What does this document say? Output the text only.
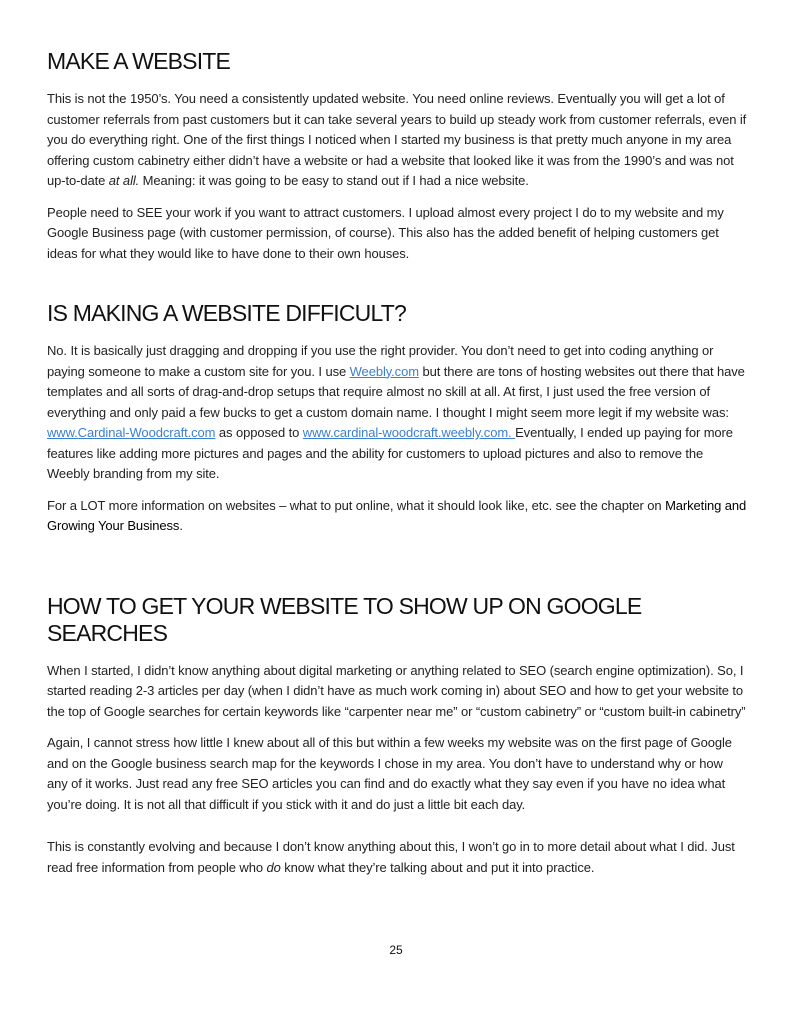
MAKE A WEBSITE

This is not the 1950’s. You need a consistently updated website. You need online reviews. Eventually you will get a lot of customer referrals from past customers but it can take several years to build up steady work from customer referrals, even if you do everything right. One of the first things I noticed when I started my business is that pretty much anyone in my area offering custom cabinetry either didn’t have a website or had a website that looked like it was from the 1990’s and was not up-to-date at all. Meaning: it was going to be easy to stand out if I had a nice website.

People need to SEE your work if you want to attract customers. I upload almost every project I do to my website and my Google Business page (with customer permission, of course). This also has the added benefit of helping customers get ideas for what they would like to have done to their own houses.

IS MAKING A WEBSITE DIFFICULT?

No. It is basically just dragging and dropping if you use the right provider. You don’t need to get into coding anything or paying someone to make a custom site for you. I use Weebly.com but there are tons of hosting websites out there that have templates and all sorts of drag-and-drop setups that require almost no skill at all. At first, I just used the free version of everything and only paid a few bucks to get a custom domain name. I thought I might seem more legit if my website was: www.Cardinal-Woodcraft.com as opposed to www.cardinal-woodcraft.weebly.com. Eventually, I ended up paying for more features like adding more pictures and pages and the ability for customers to upload pictures and also to remove the Weebly branding from my site.

For a LOT more information on websites – what to put online, what it should look like, etc. see the chapter on Marketing and Growing Your Business.

HOW TO GET YOUR WEBSITE TO SHOW UP ON GOOGLE SEARCHES

When I started, I didn’t know anything about digital marketing or anything related to SEO (search engine optimization). So, I started reading 2-3 articles per day (when I didn’t have as much work coming in) about SEO and how to get your website to the top of Google searches for certain keywords like “carpenter near me” or “custom cabinetry” or “custom built-in cabinetry”

Again, I cannot stress how little I knew about all of this but within a few weeks my website was on the first page of Google and on the Google business search map for the keywords I chose in my area. You don’t have to understand why or how any of it works. Just read any free SEO articles you can find and do exactly what they say even if you have no idea what you’re doing. It is not all that difficult if you stick with it and do just a little bit each day.

This is constantly evolving and because I don’t know anything about this, I won’t go in to more detail about what I did. Just read free information from people who do know what they’re talking about and put it into practice.

25
